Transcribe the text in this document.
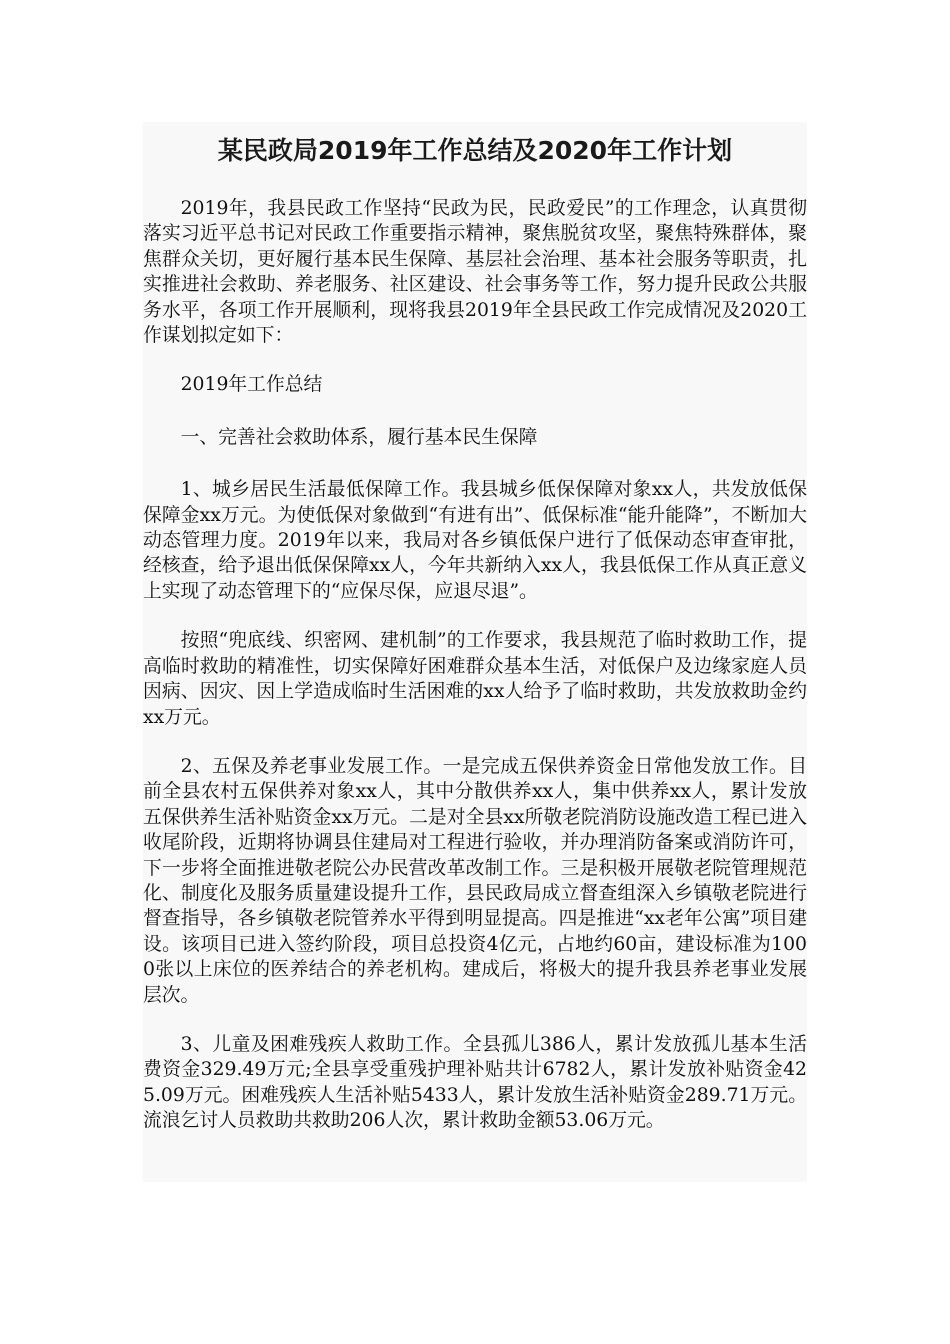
某民政局2019年工作总结及2020年工作计划

2019年，我县民政工作坚持“民政为民，民政爱民”的工作理念，认真贯彻落实习近平总书记对民政工作重要指示精神，聚焦脱贫攻坚，聚焦特殊群体，聚焦群众关切，更好履行基本民生保障、基层社会治理、基本社会服务等职责，扎实推进社会救助、养老服务、社区建设、社会事务等工作，努力提升民政公共服务水平，各项工作开展顺利，现将我县2019年全县民政工作完成情况及2020工作谋划拟定如下：

2019年工作总结

一、完善社会救助体系，履行基本民生保障

1、城乡居民生活最低保障工作。我县城乡低保保障对象xx人，共发放低保保障金xx万元。为使低保对象做到“有进有出”、低保标准“能升能降”，不断加大动态管理力度。2019年以来，我局对各乡镇低保户进行了低保动态审查审批，经核查，给予退出低保保障xx人，今年共新纳入xx人，我县低保工作从真正意义上实现了动态管理下的“应保尽保，应退尽退”。

按照“兜底线、织密网、建机制”的工作要求，我县规范了临时救助工作，提高临时救助的精准性，切实保障好困难群众基本生活，对低保户及边缘家庭人员因病、因灾、因上学造成临时生活困难的xx人给予了临时救助，共发放救助金约xx万元。

2、五保及养老事业发展工作。一是完成五保供养资金日常他发放工作。目前全县农村五保供养对象xx人，其中分散供养xx人，集中供养xx人，累计发放五保供养生活补贴资金xx万元。二是对全县xx所敬老院消防设施改造工程已进入收尾阶段，近期将协调县住建局对工程进行验收，并办理消防备案或消防许可，下一步将全面推进敬老院公办民营改革改制工作。三是积极开展敬老院管理规范化、制度化及服务质量建设提升工作，县民政局成立督查组深入乡镇敬老院进行督查指导，各乡镇敬老院管养水平得到明显提高。四是推进“xx老年公寓”项目建设。该项目已进入签约阶段，项目总投资4亿元，占地约60亩，建设标准为1000张以上床位的医养结合的养老机构。建成后，将极大的提升我县养老事业发展层次。

3、儿童及困难残疾人救助工作。全县孤儿386人，累计发放孤儿基本生活费资金329.49万元;全县享受重残护理补贴共计6782人，累计发放补贴资金425.09万元。困难残疾人生活补贴5433人，累计发放生活补贴资金289.71万元。流浪乞讨人员救助共救助206人次，累计救助金额53.06万元。
